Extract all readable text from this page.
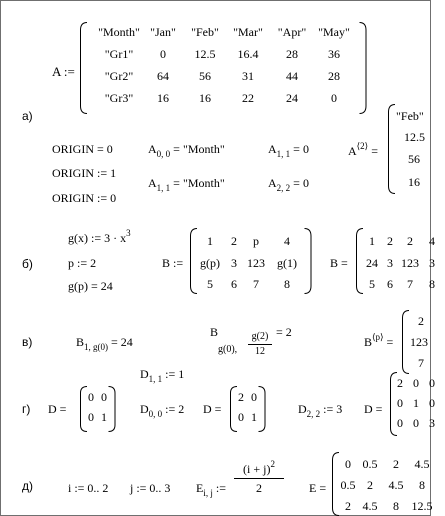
а)
A :=
"Month" "Jan"	"Feb"	"Mar"	"Apr" "May"
"Gr1"	0	12.5	16.4	28	36
"Gr2"	64	56	31	44	28
"Gr3"	16	16	22	24	0
ORIGIN = 0
ORIGIN := 1
ORIGIN := 0
$A_{0, 0}$ = "Month"	$A_{1, 1} = 0$
$A_{1, 1}$ = "Month"	$A_{2, 2} = 0$
$A^{⟨2⟩}$ =
"Feb"
12.5
56
16
б)
g(x) := $3 \cdot x^3$
p := 2
g(p) = 24
B :=
1	2	p	4
g(p) 3 123	g(1)
5	6	7	8
B =
1	2	2	4
24 3 123 3
5	6	7	8
в)	$B_{1, g(0)} = 24$
B
g(0),
g(2)
12
= 2
$B^{⟨p⟩}$ =
2
123
7
г) D =
0 0
0 1
$D_{1, 1}$ := 1
$D_{0, 0}$ := 2 D =
2 0
0 1
$D_{2, 2}$ := 3 D =
2 0 0
0 1 0
0 0 3
д)	i := 0.. 2 j := 0.. 3 $E_{i, j}$ :=
$(i + j)^2$
2	E =
0 0.5	2	4.5
0.5 2	4.5	8
2 4.5	8	12.5
